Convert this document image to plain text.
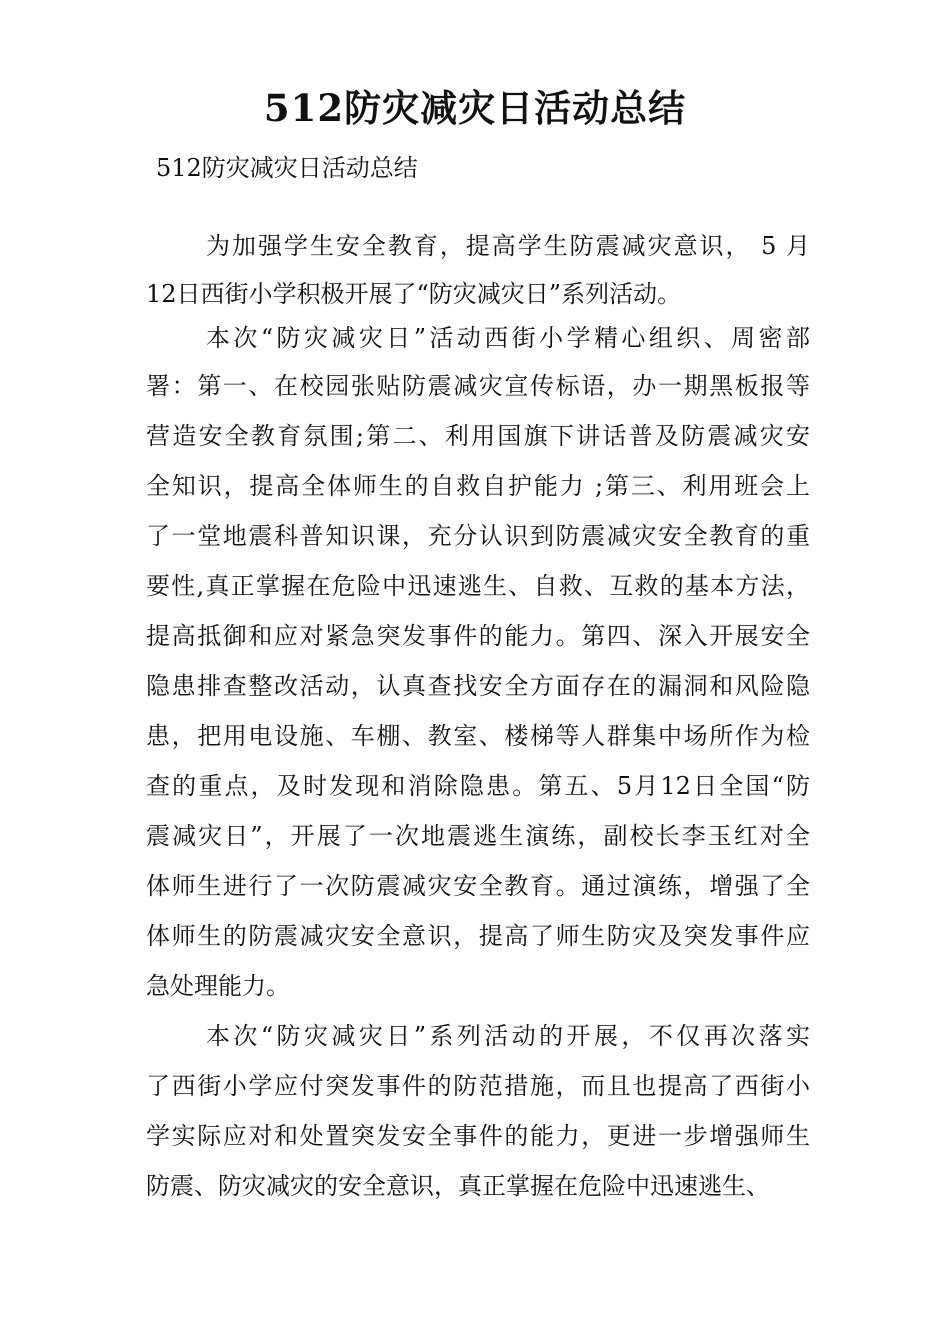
512防灾减灾日活动总结
512防灾减灾日活动总结
为加强学生安全教育，提高学生防震减灾意识， 5 月
12日西街小学积极开展了“防灾减灾日”系列活动。
本次“防灾减灾日”活动西街小学精心组织、周密部
署：第一、在校园张贴防震减灾宣传标语，办一期黑板报等
营造安全教育氛围;第二、利用国旗下讲话普及防震减灾安
全知识，提高全体师生的自救自护能力 ;第三、利用班会上
了一堂地震科普知识课，充分认识到防震减灾安全教育的重
要性,真正掌握在危险中迅速逃生、自救、互救的基本方法，
提高抵御和应对紧急突发事件的能力。第四、深入开展安全
隐患排查整改活动，认真查找安全方面存在的漏洞和风险隐
患，把用电设施、车棚、教室、楼梯等人群集中场所作为检
查的重点，及时发现和消除隐患。第五、5月12日全国“防
震减灾日”，开展了一次地震逃生演练，副校长李玉红对全
体师生进行了一次防震减灾安全教育。通过演练，增强了全
体师生的防震减灾安全意识，提高了师生防灾及突发事件应
急处理能力。
本次“防灾减灾日”系列活动的开展，不仅再次落实
了西街小学应付突发事件的防范措施，而且也提高了西街小
学实际应对和处置突发安全事件的能力，更进一步增强师生
防震、防灾减灾的安全意识，真正掌握在危险中迅速逃生、
